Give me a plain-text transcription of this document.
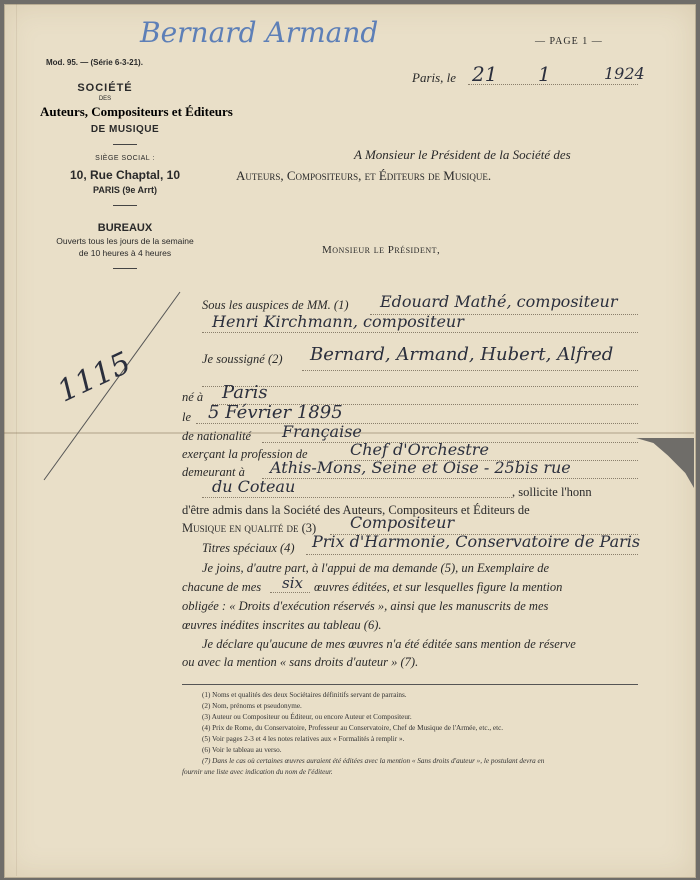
Bernard Armand	— PAGE 1 —
Mod. 95. — (Série 6-3-21).
SOCIÉTÉ
DES
Auteurs, Compositeurs et Éditeurs
DE MUSIQUE
SIÈGE SOCIAL :
10, Rue Chaptal, 10
PARIS (9e Arrt)
BUREAUX
Ouverts tous les jours de la semaine
de 10 heures à 4 heures
Paris, le 21 1	1924
A Monsieur le Président de la Société des
Auteurs, Compositeurs, et Éditeurs de Musique.
Monsieur le Président,
1115
Sous les auspices de MM. (1) Edouard Mathé, compositeur
Henri Kirchmann, compositeur
Je soussigné (2) Bernard, Armand, Hubert, Alfred
né à Paris
le 5 Février 1895
de nationalité Française
exerçant la profession de	Chef d'Orchestre
demeurant à Athis-Mons, Seine et Oise - 25bis rue
du Coteau	, sollicite l'honn
d'être admis dans la Société des Auteurs, Compositeurs et Éditeurs de
Musique en qualité de (3) Compositeur
Titres spéciaux (4) Prix d'Harmonie, Conservatoire de Paris
Je joins, d'autre part, à l'appui de ma demande (5), un Exemplaire de
chacune de mes six œuvres éditées, et sur lesquelles figure la mention
obligée : « Droits d'exécution réservés », ainsi que les manuscrits de mes
œuvres inédites inscrites au tableau (6).
Je déclare qu'aucune de mes œuvres n'a été éditée sans mention de réserve
ou avec la mention « sans droits d'auteur » (7).
(1) Noms et qualités des deux Sociétaires définitifs servant de parrains.
(2) Nom, prénoms et pseudonyme.
(3) Auteur ou Compositeur ou Éditeur, ou encore Auteur et Compositeur.
(4) Prix de Rome, du Conservatoire, Professeur au Conservatoire, Chef de Musique de l'Armée, etc., etc.
(5) Voir pages 2-3 et 4 les notes relatives aux « Formalités à remplir ».
(6) Voir le tableau au verso.
(7) Dans le cas où certaines œuvres auraient été éditées avec la mention « Sans droits d'auteur », le postulant devra en
fournir une liste avec indication du nom de l'éditeur.
